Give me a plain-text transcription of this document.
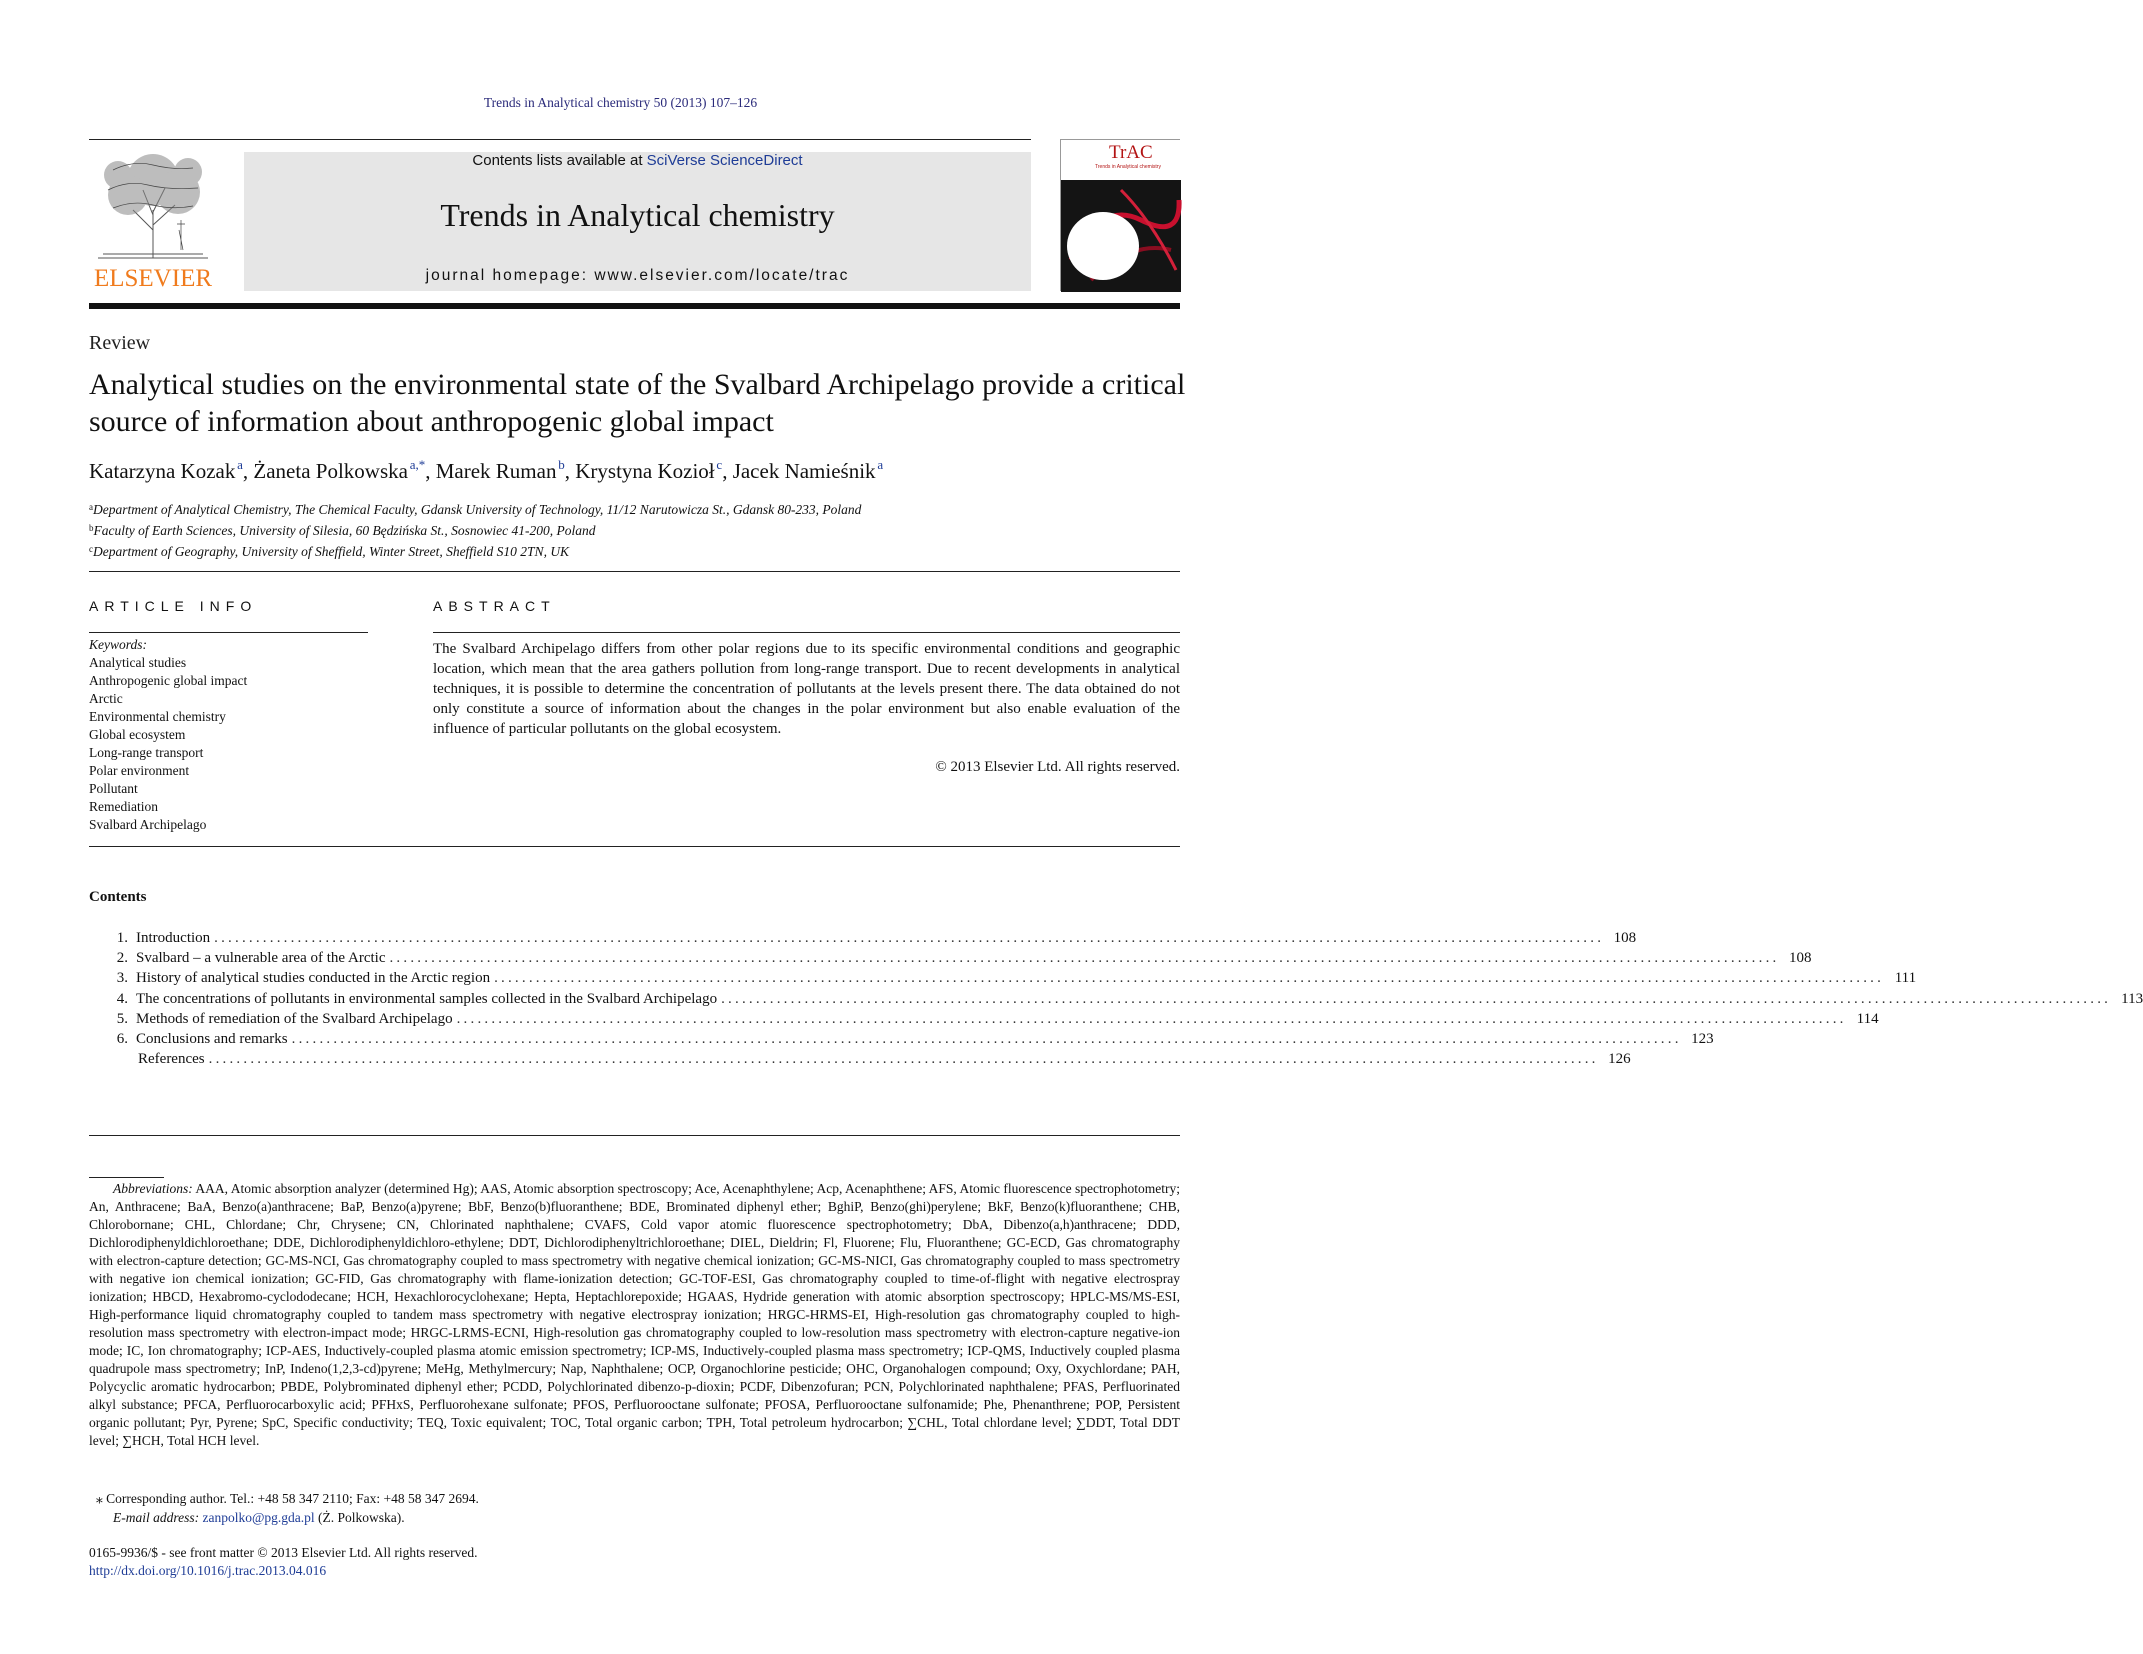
Trends in Analytical chemistry 50 (2013) 107–126
ELSEVIER
Contents lists available at SciVerse ScienceDirect
Trends in Analytical chemistry
journal homepage: www.elsevier.com/locate/trac
TrAC
Trends in Analytical chemistry
Review
Analytical studies on the environmental state of the Svalbard Archipelago provide a critical source of information about anthropogenic global impact
Katarzyna Kozak  $^a$, Żaneta Polkowska  $^{a,*}$, Marek Ruman  $^b$, Krystyna Kozioł  $^c$, Jacek Namieśnik  $^a$
$^a$Department of Analytical Chemistry, The Chemical Faculty, Gdansk University of Technology, 11/12 Narutowicza St., Gdansk 80-233, Poland
$^b$Faculty of Earth Sciences, University of Silesia, 60 Będzińska St., Sosnowiec 41-200, Poland
$^c$Department of Geography, University of Sheffield, Winter Street, Sheffield S10 2TN, UK
ARTICLE INFO
Keywords:
Analytical studies
Anthropogenic global impact
Arctic
Environmental chemistry
Global ecosystem
Long-range transport
Polar environment
Pollutant
Remediation
Svalbard Archipelago
ABSTRACT
The Svalbard Archipelago differs from other polar regions due to its specific environmental conditions and geographic location, which mean that the area gathers pollution from long-range transport. Due to recent developments in analytical techniques, it is possible to determine the concentration of pollutants at the levels present there. The data obtained do not only constitute a source of information about the changes in the polar environment but also enable evaluation of the influence of particular pollutants on the global ecosystem.
© 2013 Elsevier Ltd. All rights reserved.
Contents
1. Introduction ........................................................................................................................................................................................................ 108
2. Svalbard – a vulnerable area of the Arctic ........................................................................................................................................................................................................ 108
3. History of analytical studies conducted in the Arctic region ........................................................................................................................................................................................................ 111
4. The concentrations of pollutants in environmental samples collected in the Svalbard Archipelago ........................................................................................................................................................................................................ 113
5. Methods of remediation of the Svalbard Archipelago ........................................................................................................................................................................................................ 114
6. Conclusions and remarks ........................................................................................................................................................................................................ 123
References ........................................................................................................................................................................................................ 126
Abbreviations: AAA, Atomic absorption analyzer (determined Hg); AAS, Atomic absorption spectroscopy; Ace, Acenaphthylene; Acp, Acenaphthene; AFS, Atomic fluorescence spectrophotometry; An, Anthracene; BaA, Benzo(a)anthracene; BaP, Benzo(a)pyrene; BbF, Benzo(b)fluoranthene; BDE, Brominated diphenyl ether; BghiP, Benzo(ghi)perylene; BkF, Benzo(k)fluoranthene; CHB, Chlorobornane; CHL, Chlordane; Chr, Chrysene; CN, Chlorinated naphthalene; CVAFS, Cold vapor atomic fluorescence spectrophotometry; DbA, Dibenzo(a,h)anthracene; DDD, Dichlorodiphenyldichloroethane; DDE, Dichlorodiphenyldichloro-ethylene; DDT, Dichlorodiphenyltrichloroethane; DIEL, Dieldrin; Fl, Fluorene; Flu, Fluoranthene; GC-ECD, Gas chromatography with electron-capture detection; GC-MS-NCI, Gas chromatography coupled to mass spectrometry with negative chemical ionization; GC-MS-NICI, Gas chromatography coupled to mass spectrometry with negative ion chemical ionization; GC-FID, Gas chromatography with flame-ionization detection; GC-TOF-ESI, Gas chromatography coupled to time-of-flight with negative electrospray ionization; HBCD, Hexabromo-cyclododecane; HCH, Hexachlorocyclohexane; Hepta, Heptachlorepoxide; HGAAS, Hydride generation with atomic absorption spectroscopy; HPLC-MS/MS-ESI, High-performance liquid chromatography coupled to tandem mass spectrometry with negative electrospray ionization; HRGC-HRMS-EI, High-resolution gas chromatography coupled to high-resolution mass spectrometry with electron-impact mode; HRGC-LRMS-ECNI, High-resolution gas chromatography coupled to low-resolution mass spectrometry with electron-capture negative-ion mode; IC, Ion chromatography; ICP-AES, Inductively-coupled plasma atomic emission spectrometry; ICP-MS, Inductively-coupled plasma mass spectrometry; ICP-QMS, Inductively coupled plasma quadrupole mass spectrometry; InP, Indeno(1,2,3-cd)pyrene; MeHg, Methylmercury; Nap, Naphthalene; OCP, Organochlorine pesticide; OHC, Organohalogen compound; Oxy, Oxychlordane; PAH, Polycyclic aromatic hydrocarbon; PBDE, Polybrominated diphenyl ether; PCDD, Polychlorinated dibenzo-p-dioxin; PCDF, Dibenzofuran; PCN, Polychlorinated naphthalene; PFAS, Perfluorinated alkyl substance; PFCA, Perfluorocarboxylic acid; PFHxS, Perfluorohexane sulfonate; PFOS, Perfluorooctane sulfonate; PFOSA, Perfluorooctane sulfonamide; Phe, Phenanthrene; POP, Persistent organic pollutant; Pyr, Pyrene; SpC, Specific conductivity; TEQ, Toxic equivalent; TOC, Total organic carbon; TPH, Total petroleum hydrocarbon; ∑CHL, Total chlordane level; ∑DDT, Total DDT level; ∑HCH, Total HCH level.
⁎ Corresponding author. Tel.: +48 58 347 2110; Fax: +48 58 347 2694.
E-mail address: zanpolko@pg.gda.pl (Ż. Polkowska).
0165-9936/$ - see front matter © 2013 Elsevier Ltd. All rights reserved.
http://dx.doi.org/10.1016/j.trac.2013.04.016
